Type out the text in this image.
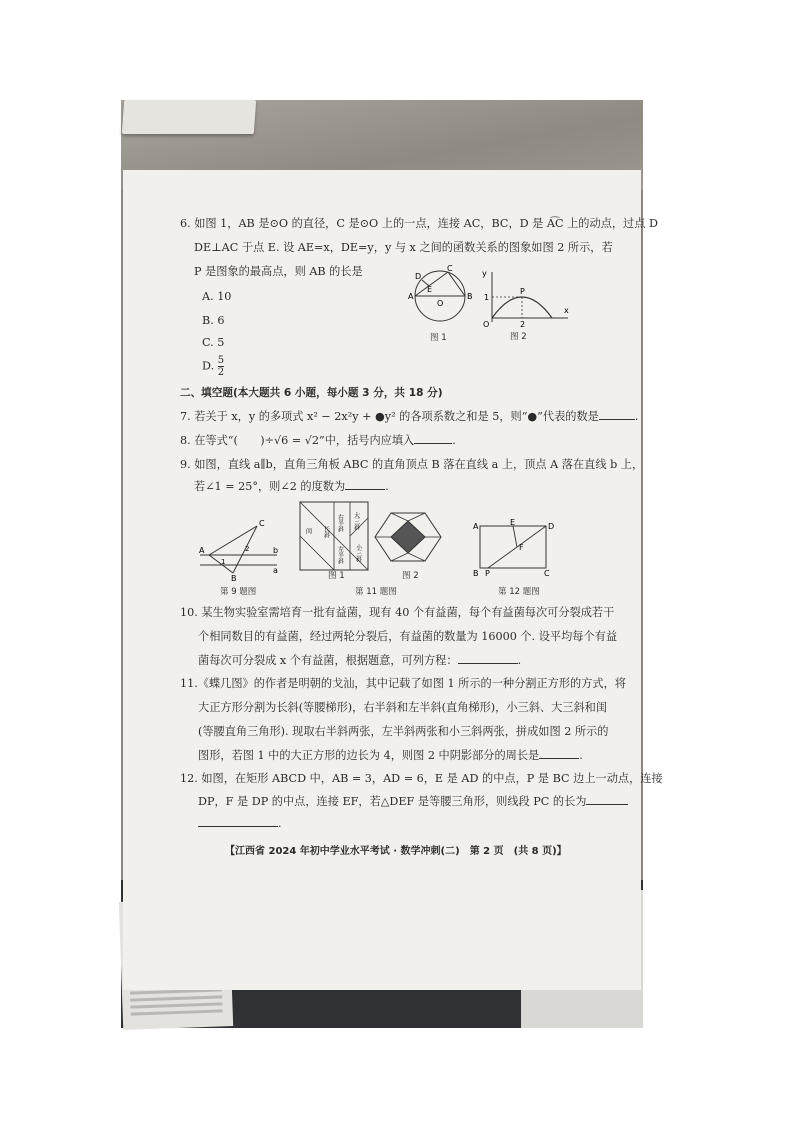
6. 如图 1，AB 是⊙O 的直径，C 是⊙O 上的一点，连接 AC，BC，D 是 A͡C 上的动点，过点 D
DE⊥AC 于点 E. 设 AE=x，DE=y，y 与 x 之间的函数关系的图象如图 2 所示，若
P 是图象的最高点，则 AB 的长是
A. 10
B. 6
C. 5
D. $\frac{5}{2}$
A	B
C
D
E
O
图 1
y
x
O
P
1
2
图 2
二、填空题(本大题共 6 小题，每小题 3 分，共 18 分)
7. 若关于 x，y 的多项式 x² − 2x²y + ●y² 的各项系数之和是 5，则“●”代表的数是	.
8. 在等式“(　　)÷√6 = √2”中，括号内应填入	.
9. 如图，直线 a∥b，直角三角板 ABC 的直角顶点 B 落在直线 a 上，顶点 A 落在直线 b 上，
若∠1 = 25°，则∠2 的度数为	.
A
B
C
b
a
1
2
第 9 题图
大三斜
小三斜
右半斜
左半斜
长斜
闺
图 1	图 2
第 11 题图
A	E	D
F
B P	C
第 12 题图
10. 某生物实验室需培育一批有益菌，现有 40 个有益菌，每个有益菌每次可分裂成若干
个相同数目的有益菌，经过两轮分裂后，有益菌的数量为 16000 个. 设平均每个有益
菌每次可分裂成 x 个有益菌，根据题意，可列方程：	.
11.《蝶几图》的作者是明朝的戈汕，其中记载了如图 1 所示的一种分割正方形的方式，将
大正方形分割为长斜(等腰梯形)，右半斜和左半斜(直角梯形)，小三斜、大三斜和闺
(等腰直角三角形). 现取右半斜两张，左半斜两张和小三斜两张，拼成如图 2 所示的
图形，若图 1 中的大正方形的边长为 4，则图 2 中阴影部分的周长是	.
12. 如图，在矩形 ABCD 中，AB = 3，AD = 6，E 是 AD 的中点，P 是 BC 边上一动点，连接
DP，F 是 DP 的中点，连接 EF，若△DEF 是等腰三角形，则线段 PC 的长为
.
【江西省 2024 年初中学业水平考试 · 数学冲刺(二)　第 2 页　(共 8 页)】
